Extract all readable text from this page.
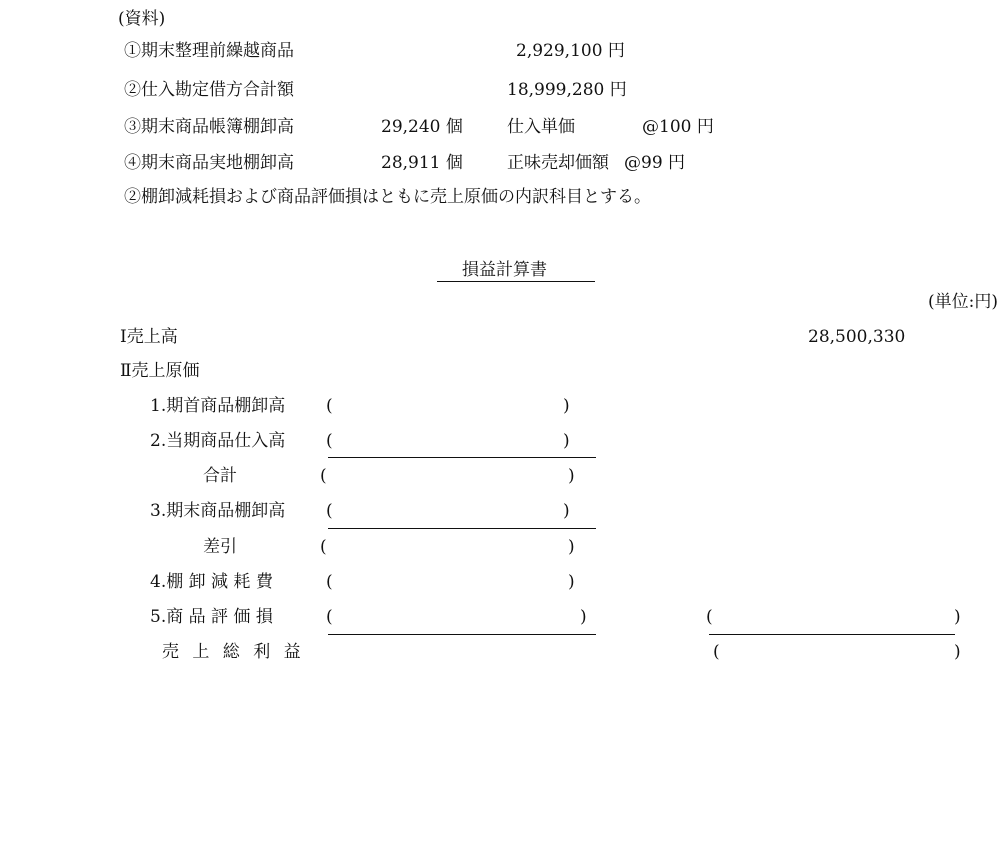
(資料)
①期末整理前繰越商品	2,929,100 円
②仕入勘定借方合計額	18,999,280 円
③期末商品帳簿棚卸高	29,240 個	仕入単価	@100 円
④期末商品実地棚卸高	28,911 個	正味売却価額 @99 円
②棚卸減耗損および商品評価損はともに売上原価の内訳科目とする。
損益計算書
(単位:円)
Ⅰ売上高	28,500,330
Ⅱ売上原価
1.期首商品棚卸高 (	)
2.当期商品仕入高 (	)
合計	(	)
3.期末商品棚卸高 (	)
差引	(	)
4.棚 卸 減 耗 費	(	)
5.商 品 評 価 損	(	)	(	)
売 上 総 利 益	(	)
